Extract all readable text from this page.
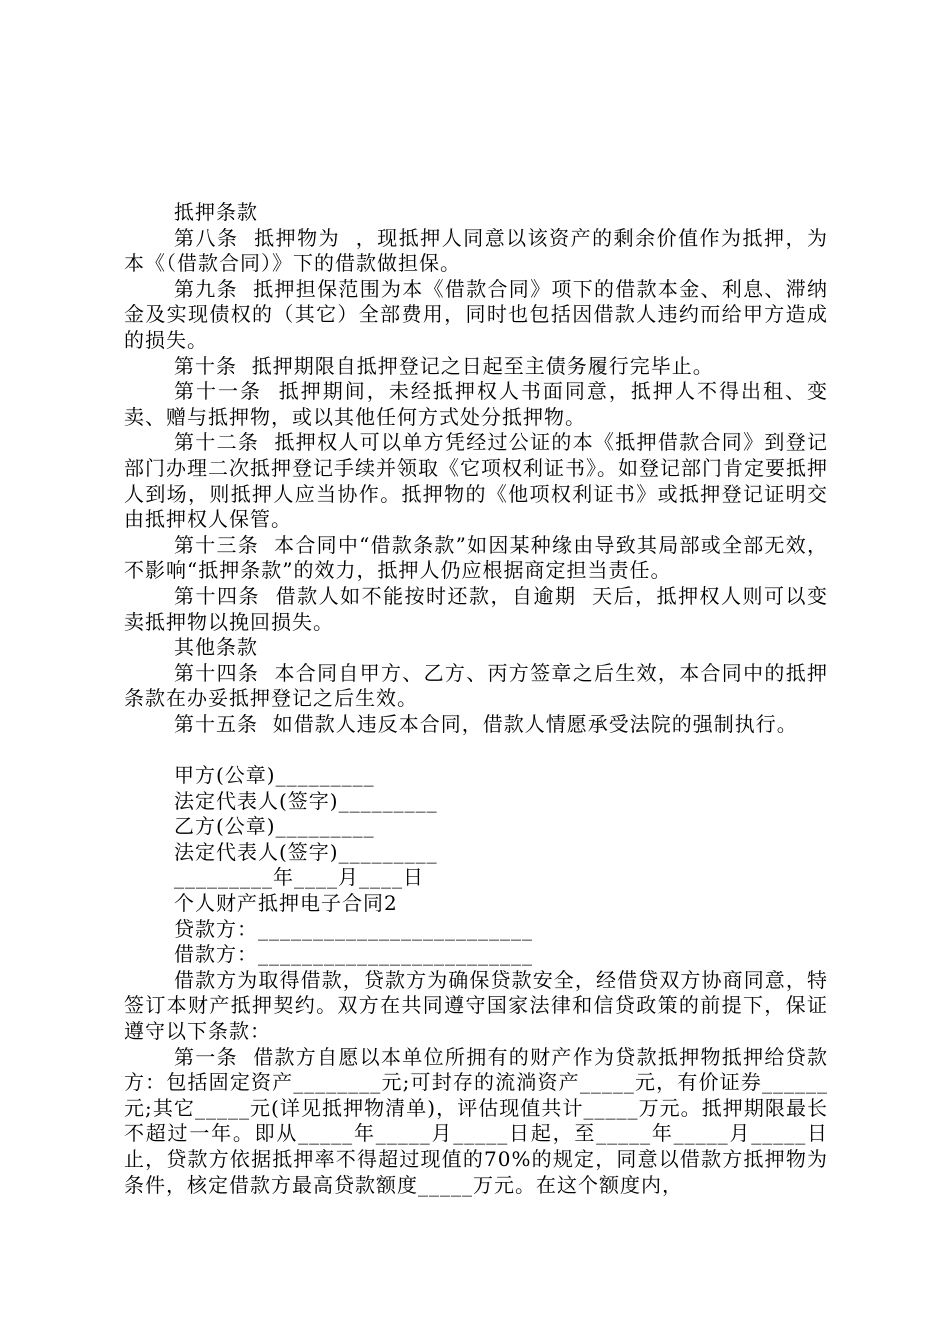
抵押条款

第八条  抵押物为  ，现抵押人同意以该资产的剩余价值作为抵押，为本《（借款合同）》下的借款做担保。

第九条  抵押担保范围为本《借款合同》项下的借款本金、利息、滞纳金及实现债权的（其它）全部费用，同时也包括因借款人违约而给甲方造成的损失。

第十条  抵押期限自抵押登记之日起至主债务履行完毕止。

第十一条  抵押期间，未经抵押权人书面同意，抵押人不得出租、变卖、赠与抵押物，或以其他任何方式处分抵押物。

第十二条  抵押权人可以单方凭经过公证的本《抵押借款合同》到登记部门办理二次抵押登记手续并领取《它项权利证书》。如登记部门肯定要抵押人到场，则抵押人应当协作。抵押物的《他项权利证书》或抵押登记证明交由抵押权人保管。

第十三条  本合同中“借款条款”如因某种缘由导致其局部或全部无效，不影响“抵押条款”的效力，抵押人仍应根据商定担当责任。

第十四条  借款人如不能按时还款，自逾期  天后，抵押权人则可以变卖抵押物以挽回损失。

其他条款

第十四条  本合同自甲方、乙方、丙方签章之后生效，本合同中的抵押条款在办妥抵押登记之后生效。

第十五条  如借款人违反本合同，借款人情愿承受法院的强制执行。

甲方(公章)_________

法定代表人(签字)_________

乙方(公章)_________

法定代表人(签字)_________

_________年____月____日

个人财产抵押电子合同2

贷款方：_________________________

借款方：_________________________

借款方为取得借款，贷款方为确保贷款安全，经借贷双方协商同意，特签订本财产抵押契约。双方在共同遵守国家法律和信贷政策的前提下，保证遵守以下条款：

第一条  借款方自愿以本单位所拥有的财产作为贷款抵押物抵押给贷款方：包括固定资产________元;可封存的流淌资产_____元，有价证券______元;其它_____元(详见抵押物清单)，评估现值共计_____万元。抵押期限最长不超过一年。即从_____年_____月_____日起，至_____年_____月_____日止，贷款方依据抵押率不得超过现值的70%的规定，同意以借款方抵押物为条件，核定借款方最高贷款额度_____万元。在这个额度内，
